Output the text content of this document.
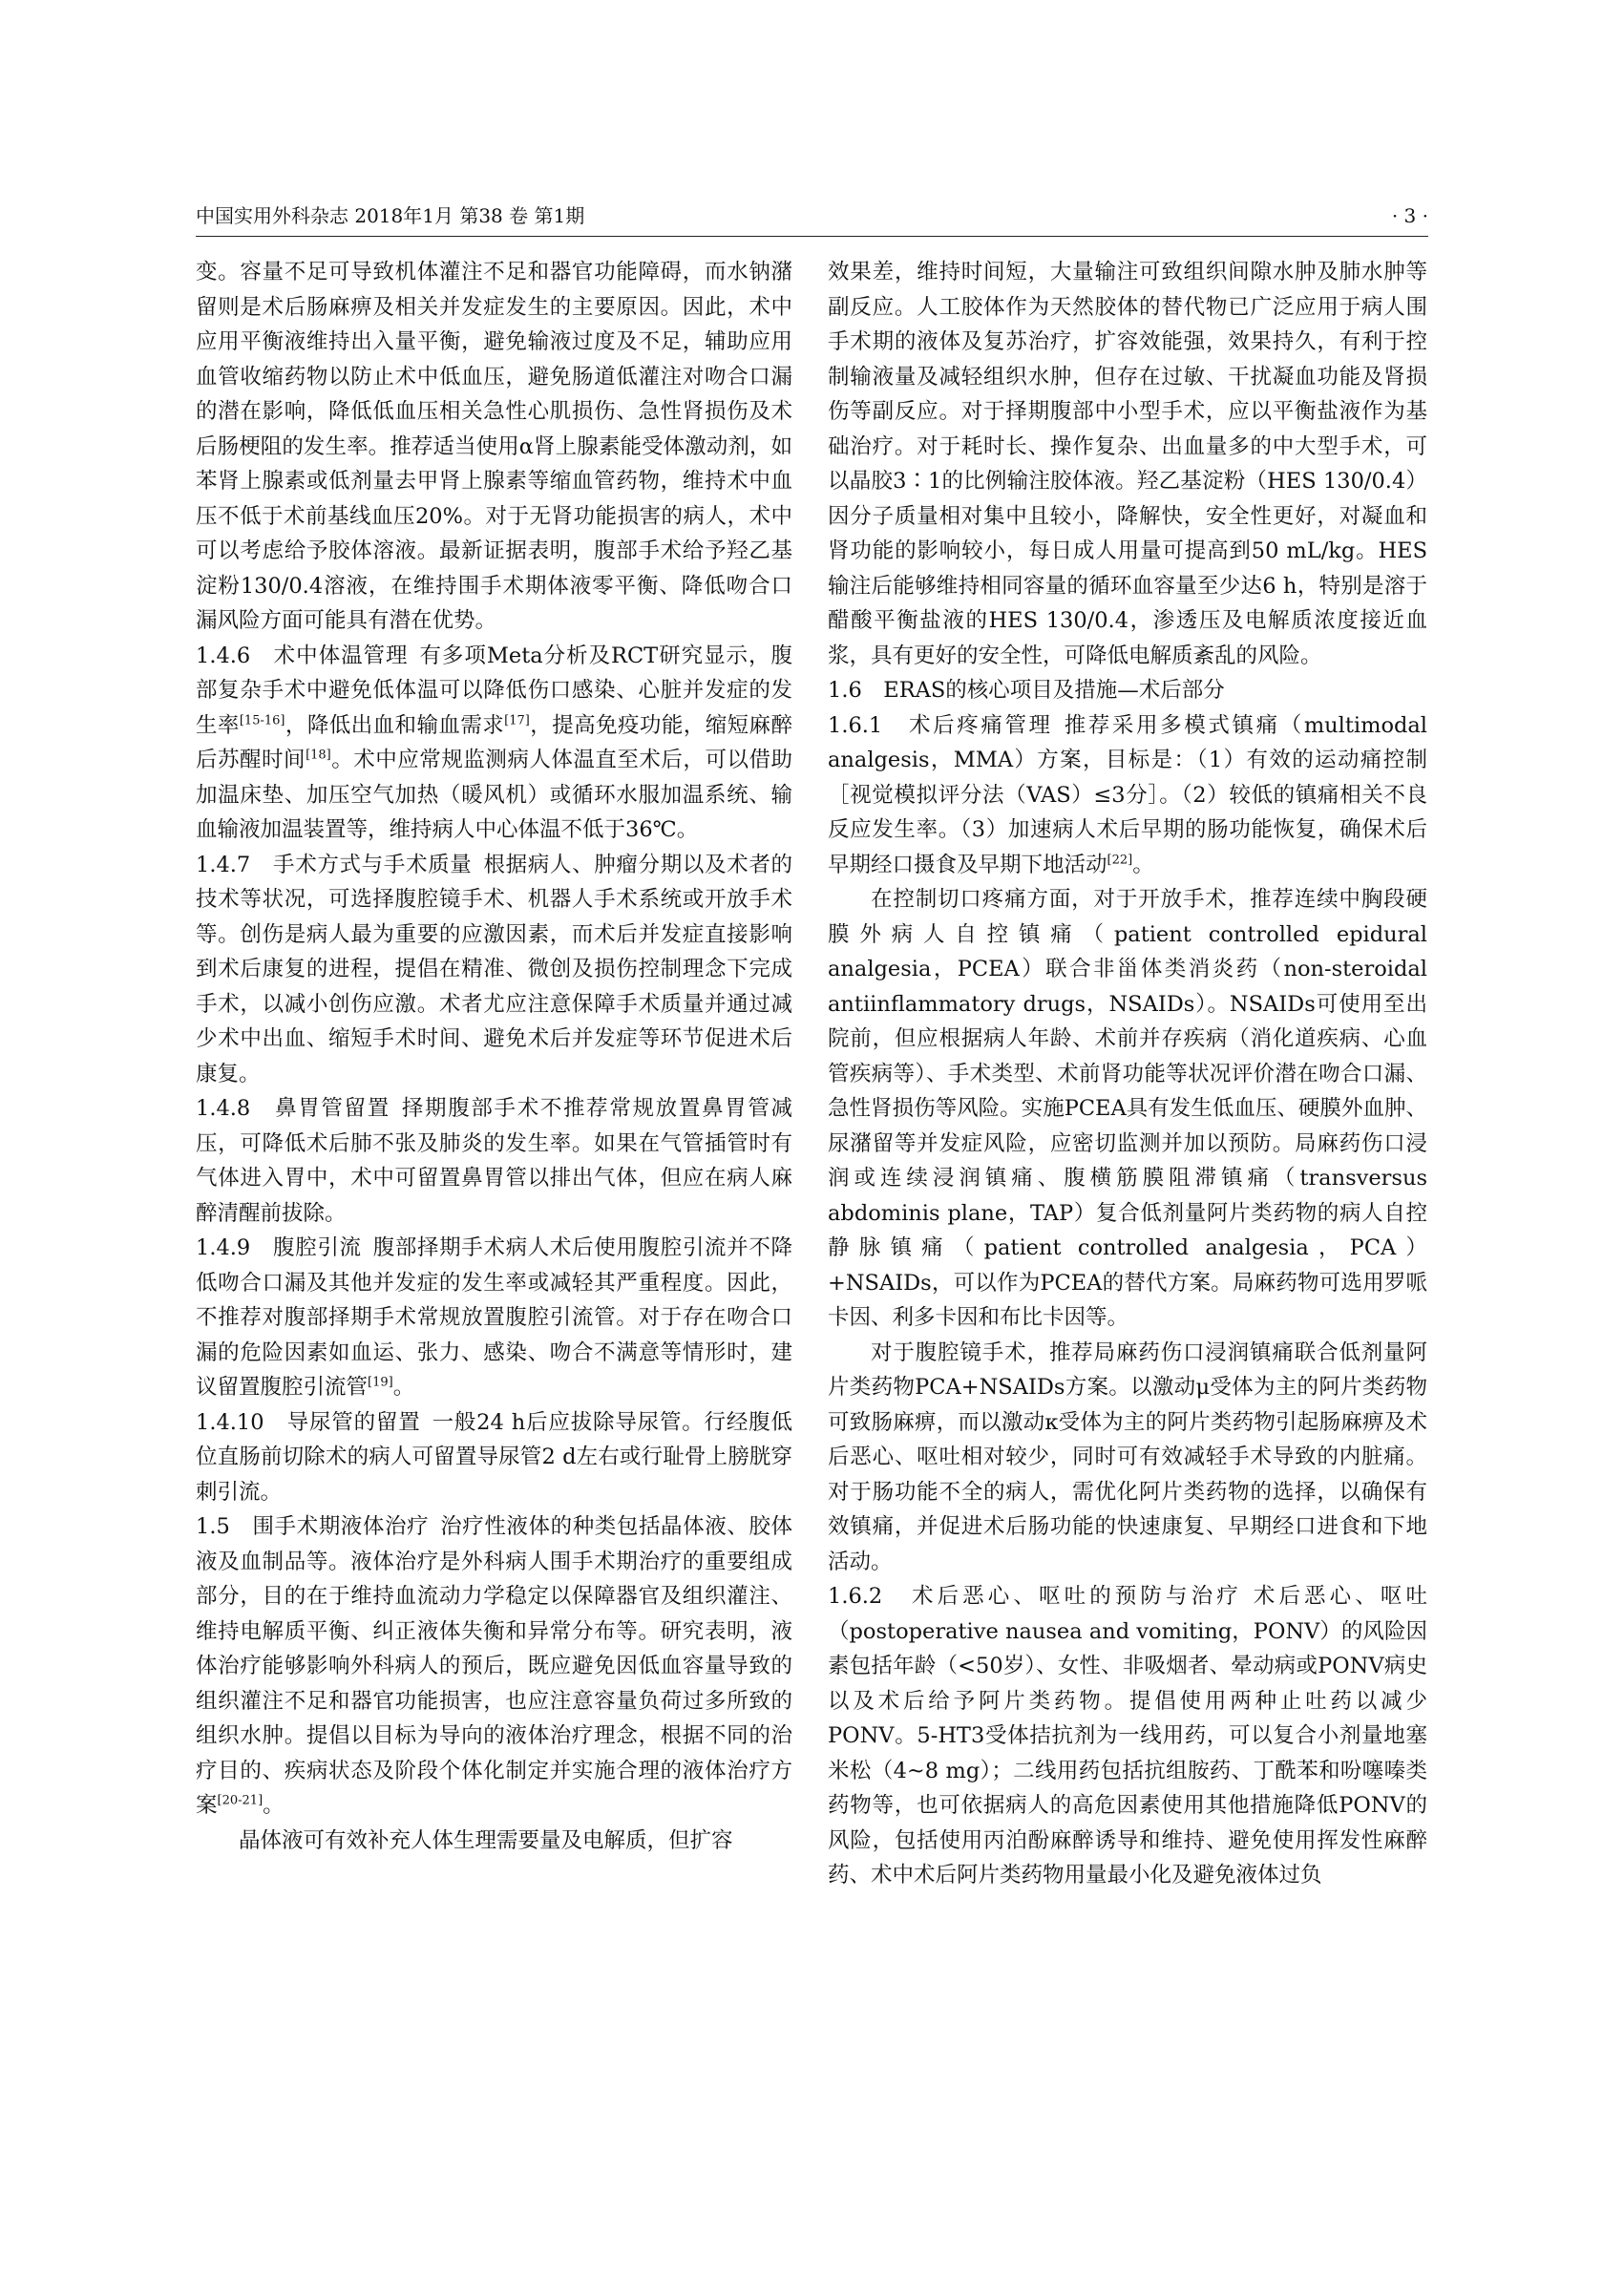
中国实用外科杂志 2018年1月 第38 卷 第1期	· 3 ·

变。容量不足可导致机体灌注不足和器官功能障碍，而水钠潴留则是术后肠麻痹及相关并发症发生的主要原因。因此，术中应用平衡液维持出入量平衡，避免输液过度及不足，辅助应用血管收缩药物以防止术中低血压，避免肠道低灌注对吻合口漏的潜在影响，降低低血压相关急性心肌损伤、急性肾损伤及术后肠梗阻的发生率。推荐适当使用α肾上腺素能受体激动剂，如苯肾上腺素或低剂量去甲肾上腺素等缩血管药物，维持术中血压不低于术前基线血压20%。对于无肾功能损害的病人，术中可以考虑给予胶体溶液。最新证据表明，腹部手术给予羟乙基淀粉130/0.4溶液，在维持围手术期体液零平衡、降低吻合口漏风险方面可能具有潜在优势。

1.4.6　术中体温管理 有多项Meta分析及RCT研究显示，腹部复杂手术中避免低体温可以降低伤口感染、心脏并发症的发生率[15-16]，降低出血和输血需求[17]，提高免疫功能，缩短麻醉后苏醒时间[18]。术中应常规监测病人体温直至术后，可以借助加温床垫、加压空气加热（暖风机）或循环水服加温系统、输血输液加温装置等，维持病人中心体温不低于36℃。

1.4.7　手术方式与手术质量 根据病人、肿瘤分期以及术者的技术等状况，可选择腹腔镜手术、机器人手术系统或开放手术等。创伤是病人最为重要的应激因素，而术后并发症直接影响到术后康复的进程，提倡在精准、微创及损伤控制理念下完成手术，以减小创伤应激。术者尤应注意保障手术质量并通过减少术中出血、缩短手术时间、避免术后并发症等环节促进术后康复。

1.4.8　鼻胃管留置 择期腹部手术不推荐常规放置鼻胃管减压，可降低术后肺不张及肺炎的发生率。如果在气管插管时有气体进入胃中，术中可留置鼻胃管以排出气体，但应在病人麻醉清醒前拔除。

1.4.9　腹腔引流 腹部择期手术病人术后使用腹腔引流并不降低吻合口漏及其他并发症的发生率或减轻其严重程度。因此，不推荐对腹部择期手术常规放置腹腔引流管。对于存在吻合口漏的危险因素如血运、张力、感染、吻合不满意等情形时，建议留置腹腔引流管[19]。

1.4.10　导尿管的留置 一般24 h后应拔除导尿管。行经腹低位直肠前切除术的病人可留置导尿管2 d左右或行耻骨上膀胱穿刺引流。

1.5　围手术期液体治疗 治疗性液体的种类包括晶体液、胶体液及血制品等。液体治疗是外科病人围手术期治疗的重要组成部分，目的在于维持血流动力学稳定以保障器官及组织灌注、维持电解质平衡、纠正液体失衡和异常分布等。研究表明，液体治疗能够影响外科病人的预后，既应避免因低血容量导致的组织灌注不足和器官功能损害，也应注意容量负荷过多所致的组织水肿。提倡以目标为导向的液体治疗理念，根据不同的治疗目的、疾病状态及阶段个体化制定并实施合理的液体治疗方案[20-21]。

晶体液可有效补充人体生理需要量及电解质，但扩容

效果差，维持时间短，大量输注可致组织间隙水肿及肺水肿等副反应。人工胶体作为天然胶体的替代物已广泛应用于病人围手术期的液体及复苏治疗，扩容效能强，效果持久，有利于控制输液量及减轻组织水肿，但存在过敏、干扰凝血功能及肾损伤等副反应。对于择期腹部中小型手术，应以平衡盐液作为基础治疗。对于耗时长、操作复杂、出血量多的中大型手术，可以晶胶3∶1的比例输注胶体液。羟乙基淀粉（HES 130/0.4）因分子质量相对集中且较小，降解快，安全性更好，对凝血和肾功能的影响较小，每日成人用量可提高到50 mL/kg。HES输注后能够维持相同容量的循环血容量至少达6 h，特别是溶于醋酸平衡盐液的HES 130/0.4，渗透压及电解质浓度接近血浆，具有更好的安全性，可降低电解质紊乱的风险。

1.6　ERAS的核心项目及措施—术后部分

1.6.1　术后疼痛管理 推荐采用多模式镇痛（multimodal analgesis，MMA）方案，目标是：（1）有效的运动痛控制［视觉模拟评分法（VAS）≤3分］。（2）较低的镇痛相关不良反应发生率。（3）加速病人术后早期的肠功能恢复，确保术后早期经口摄食及早期下地活动[22]。

在控制切口疼痛方面，对于开放手术，推荐连续中胸段硬膜外病人自控镇痛（patient controlled epidural analgesia，PCEA）联合非甾体类消炎药（non-steroidal antiinflammatory drugs，NSAIDs）。NSAIDs可使用至出院前，但应根据病人年龄、术前并存疾病（消化道疾病、心血管疾病等）、手术类型、术前肾功能等状况评价潜在吻合口漏、急性肾损伤等风险。实施PCEA具有发生低血压、硬膜外血肿、尿潴留等并发症风险，应密切监测并加以预防。局麻药伤口浸润或连续浸润镇痛、腹横筋膜阻滞镇痛（transversus abdominis plane，TAP）复合低剂量阿片类药物的病人自控静脉镇痛（patient controlled analgesia，PCA）+NSAIDs，可以作为PCEA的替代方案。局麻药物可选用罗哌卡因、利多卡因和布比卡因等。

对于腹腔镜手术，推荐局麻药伤口浸润镇痛联合低剂量阿片类药物PCA+NSAIDs方案。以激动μ受体为主的阿片类药物可致肠麻痹，而以激动κ受体为主的阿片类药物引起肠麻痹及术后恶心、呕吐相对较少，同时可有效减轻手术导致的内脏痛。对于肠功能不全的病人，需优化阿片类药物的选择，以确保有效镇痛，并促进术后肠功能的快速康复、早期经口进食和下地活动。

1.6.2　术后恶心、呕吐的预防与治疗 术后恶心、呕吐（postoperative nausea and vomiting，PONV）的风险因素包括年龄（<50岁）、女性、非吸烟者、晕动病或PONV病史以及术后给予阿片类药物。提倡使用两种止吐药以减少PONV。5-HT3受体拮抗剂为一线用药，可以复合小剂量地塞米松（4~8 mg）；二线用药包括抗组胺药、丁酰苯和吩噻嗪类药物等，也可依据病人的高危因素使用其他措施降低PONV的风险，包括使用丙泊酚麻醉诱导和维持、避免使用挥发性麻醉药、术中术后阿片类药物用量最小化及避免液体过负
